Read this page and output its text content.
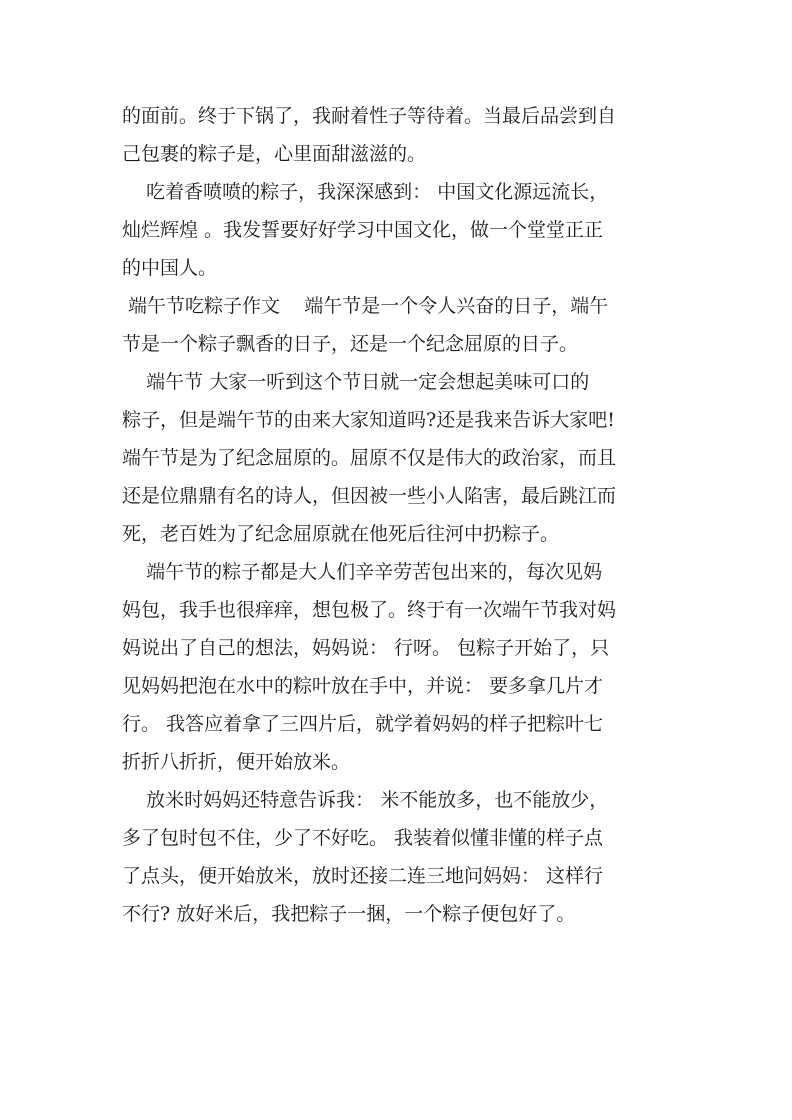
的面前。终于下锅了，我耐着性子等待着。当最后品尝到自
己包裹的粽子是，心里面甜滋滋的。
吃着香喷喷的粽子，我深深感到： 中国文化源远流长，
灿烂辉煌 。我发誓要好好学习中国文化，做一个堂堂正正
的中国人。
端午节吃粽子作文    端午节是一个令人兴奋的日子，端午
节是一个粽子飘香的日子，还是一个纪念屈原的日子。
端午节 大家一听到这个节日就一定会想起美味可口的
粽子，但是端午节的由来大家知道吗?还是我来告诉大家吧!
端午节是为了纪念屈原的。屈原不仅是伟大的政治家，而且
还是位鼎鼎有名的诗人，但因被一些小人陷害，最后跳江而
死，老百姓为了纪念屈原就在他死后往河中扔粽子。
端午节的粽子都是大人们辛辛劳苦包出来的，每次见妈
妈包，我手也很痒痒，想包极了。终于有一次端午节我对妈
妈说出了自己的想法，妈妈说： 行呀。 包粽子开始了，只
见妈妈把泡在水中的粽叶放在手中，并说： 要多拿几片才
行。 我答应着拿了三四片后，就学着妈妈的样子把粽叶七
折折八折折，便开始放米。
放米时妈妈还特意告诉我： 米不能放多，也不能放少，
多了包时包不住，少了不好吃。 我装着似懂非懂的样子点
了点头，便开始放米，放时还接二连三地问妈妈： 这样行
不行? 放好米后，我把粽子一捆，一个粽子便包好了。
